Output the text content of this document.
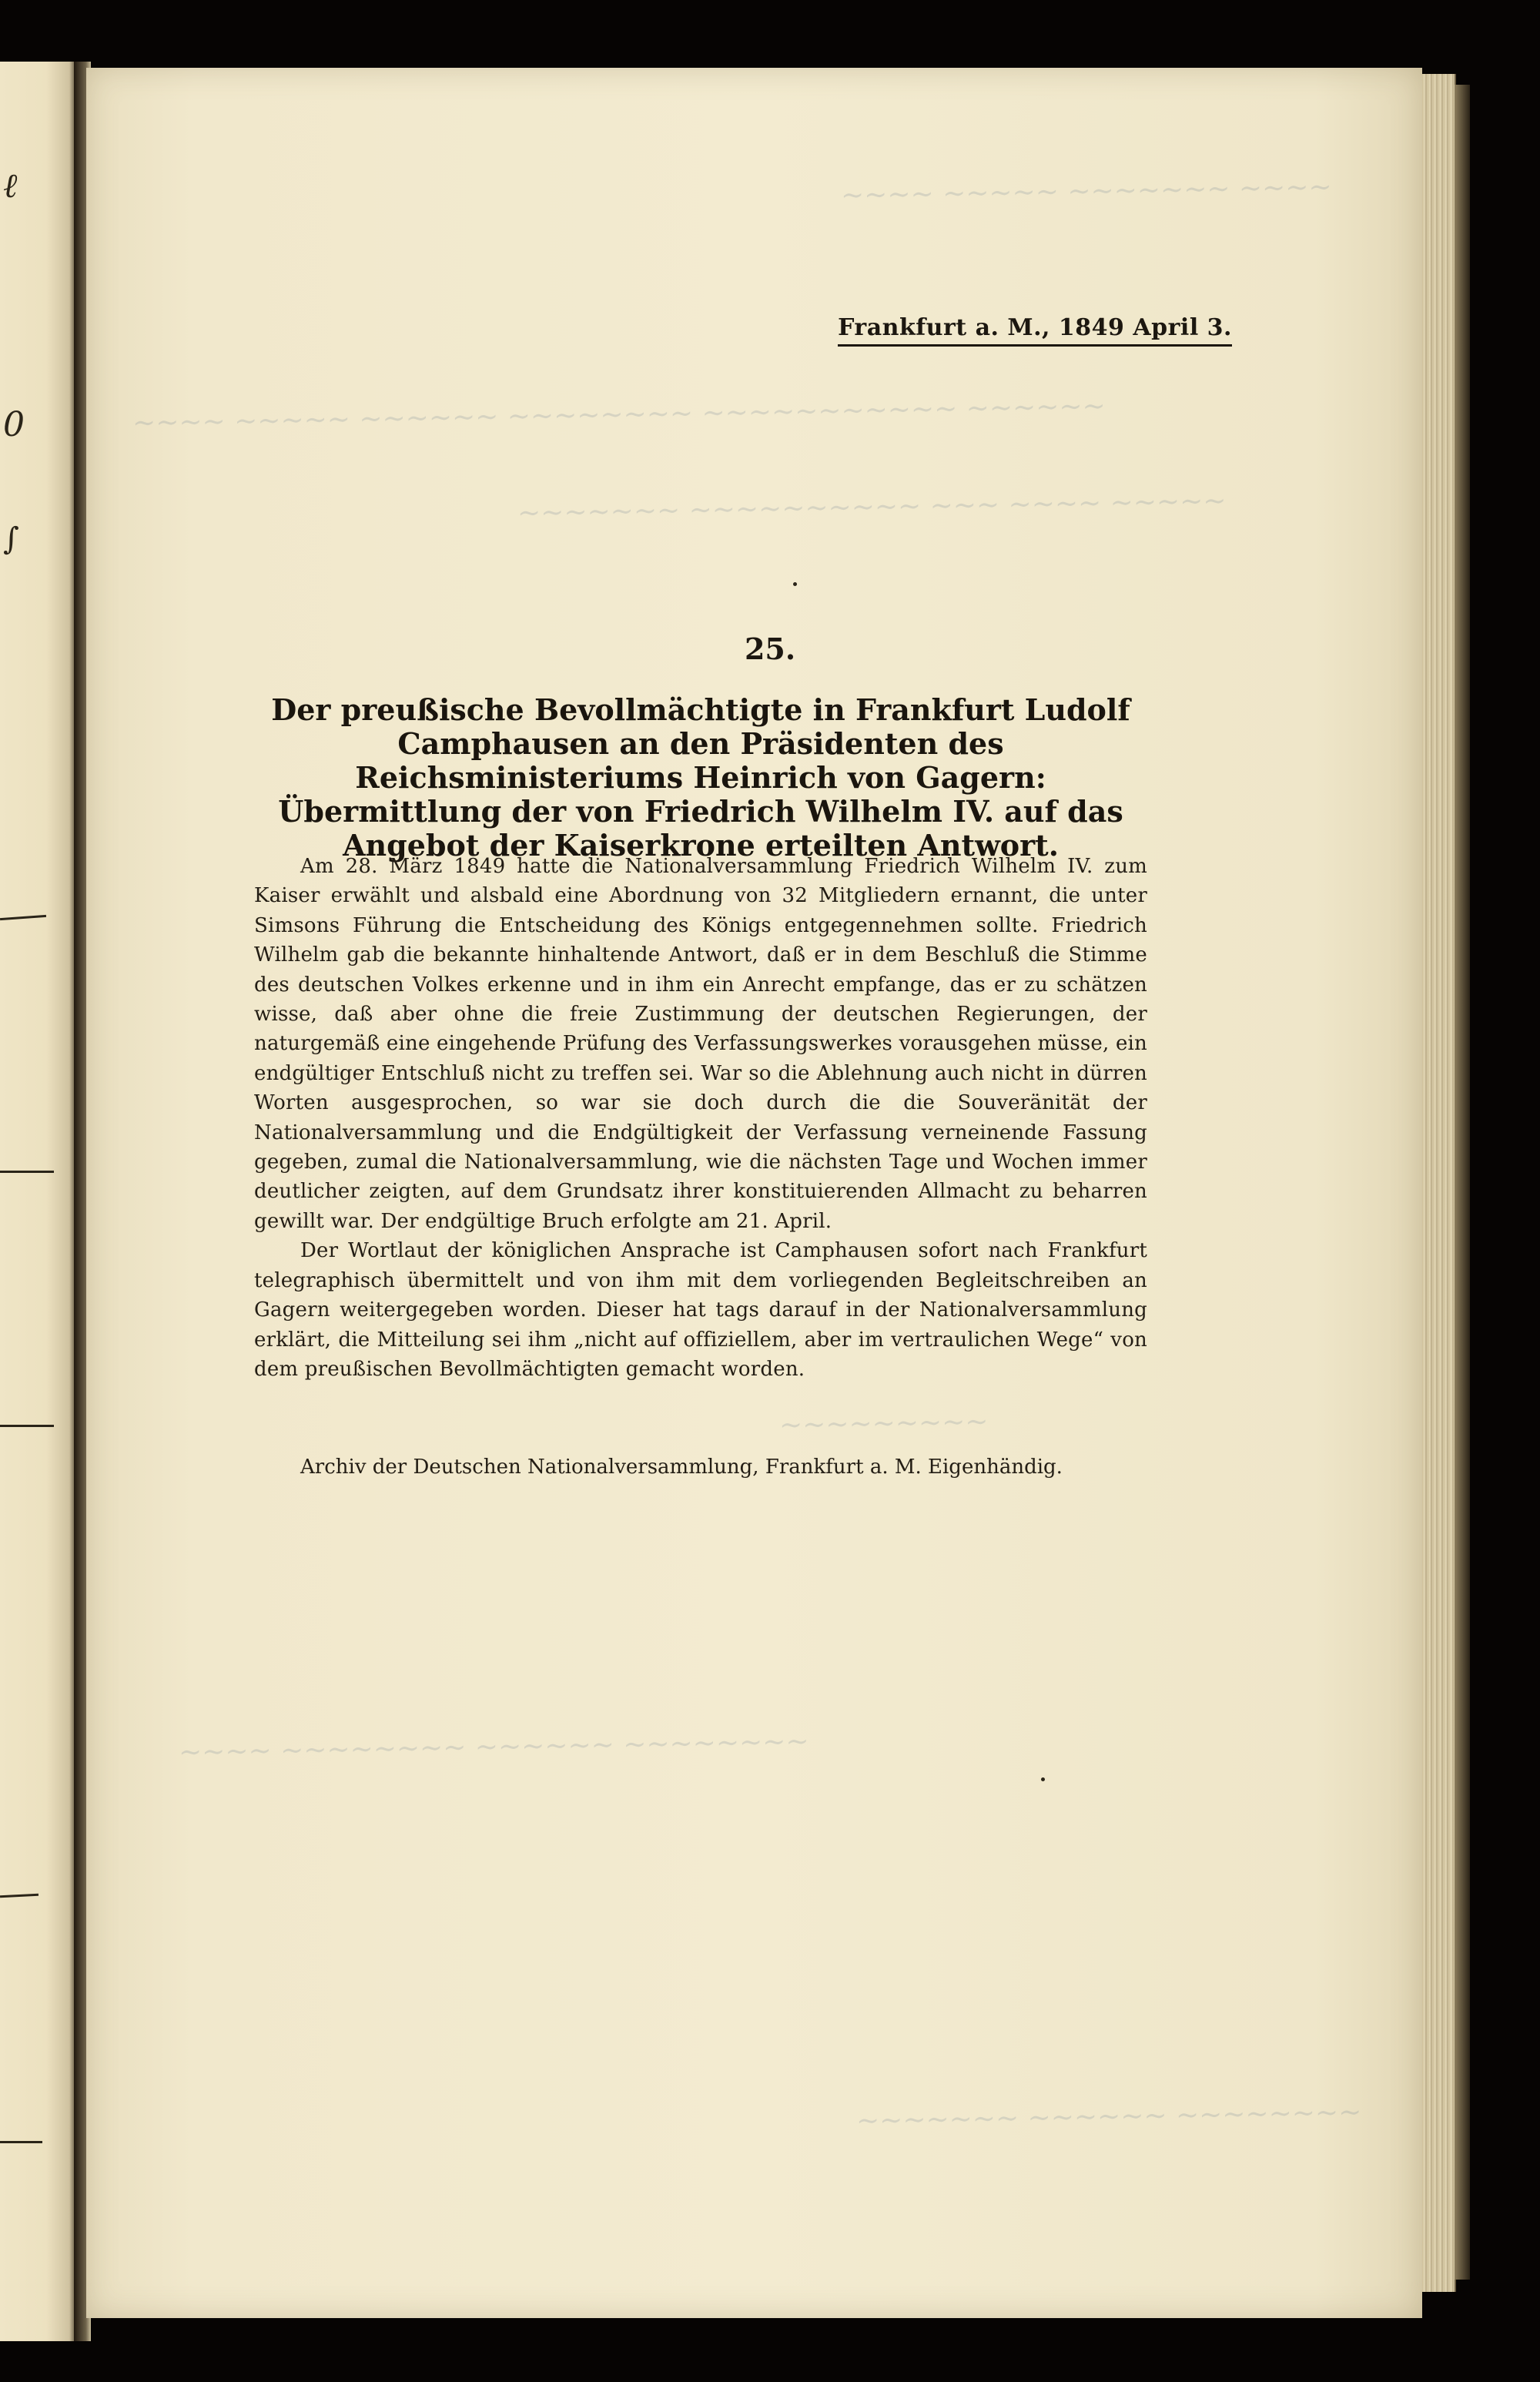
ℓ
0
∫
~~~~ ~~~~~ ~~~~~~~ ~~~~
~~~~ ~~~~~ ~~~~~~ ~~~~~~~~ ~~~~~~~~~~~ ~~~~~~
~~~~~~~ ~~~~~~~~~~ ~~~ ~~~~ ~~~~~
~~~~~~~~~
~~~~ ~~~~~~~~ ~~~~~~ ~~~~~~~~
~~~~~~~ ~~~~~~ ~~~~~~~~
Frankfurt a. M., 1849 April 3.
25.
Der preußische Bevollmächtigte in Frankfurt Ludolf Camphausen an den Präsidenten des Reichsministeriums Heinrich von Gagern: Übermittlung der von Friedrich Wilhelm IV. auf das Angebot der Kaiserkrone erteilten Antwort.

Am 28. März 1849 hatte die Nationalversammlung Friedrich Wilhelm IV. zum Kaiser erwählt und alsbald eine Abordnung von 32 Mitgliedern ernannt, die unter Simsons Führung die Entscheidung des Königs entgegennehmen sollte. Friedrich Wilhelm gab die bekannte hinhaltende Antwort, daß er in dem Beschluß die Stimme des deutschen Volkes erkenne und in ihm ein Anrecht empfange, das er zu schätzen wisse, daß aber ohne die freie Zustimmung der deutschen Regierungen, der naturgemäß eine eingehende Prüfung des Verfassungswerkes vorausgehen müsse, ein endgültiger Entschluß nicht zu treffen sei. War so die Ablehnung auch nicht in dürren Worten ausgesprochen, so war sie doch durch die die Souveränität der Nationalversammlung und die Endgültigkeit der Verfassung verneinende Fassung gegeben, zumal die Nationalversammlung, wie die nächsten Tage und Wochen immer deutlicher zeigten, auf dem Grundsatz ihrer konstituierenden Allmacht zu beharren gewillt war. Der endgültige Bruch erfolgte am 21. April.

Der Wortlaut der königlichen Ansprache ist Camphausen sofort nach Frankfurt telegraphisch übermittelt und von ihm mit dem vorliegenden Begleitschreiben an Gagern weitergegeben worden. Dieser hat tags darauf in der Nationalversammlung erklärt, die Mitteilung sei ihm „nicht auf offiziellem, aber im vertraulichen Wege“ von dem preußischen Bevollmächtigten gemacht worden.

Archiv der Deutschen Nationalversammlung, Frankfurt a. M. Eigenhändig.
